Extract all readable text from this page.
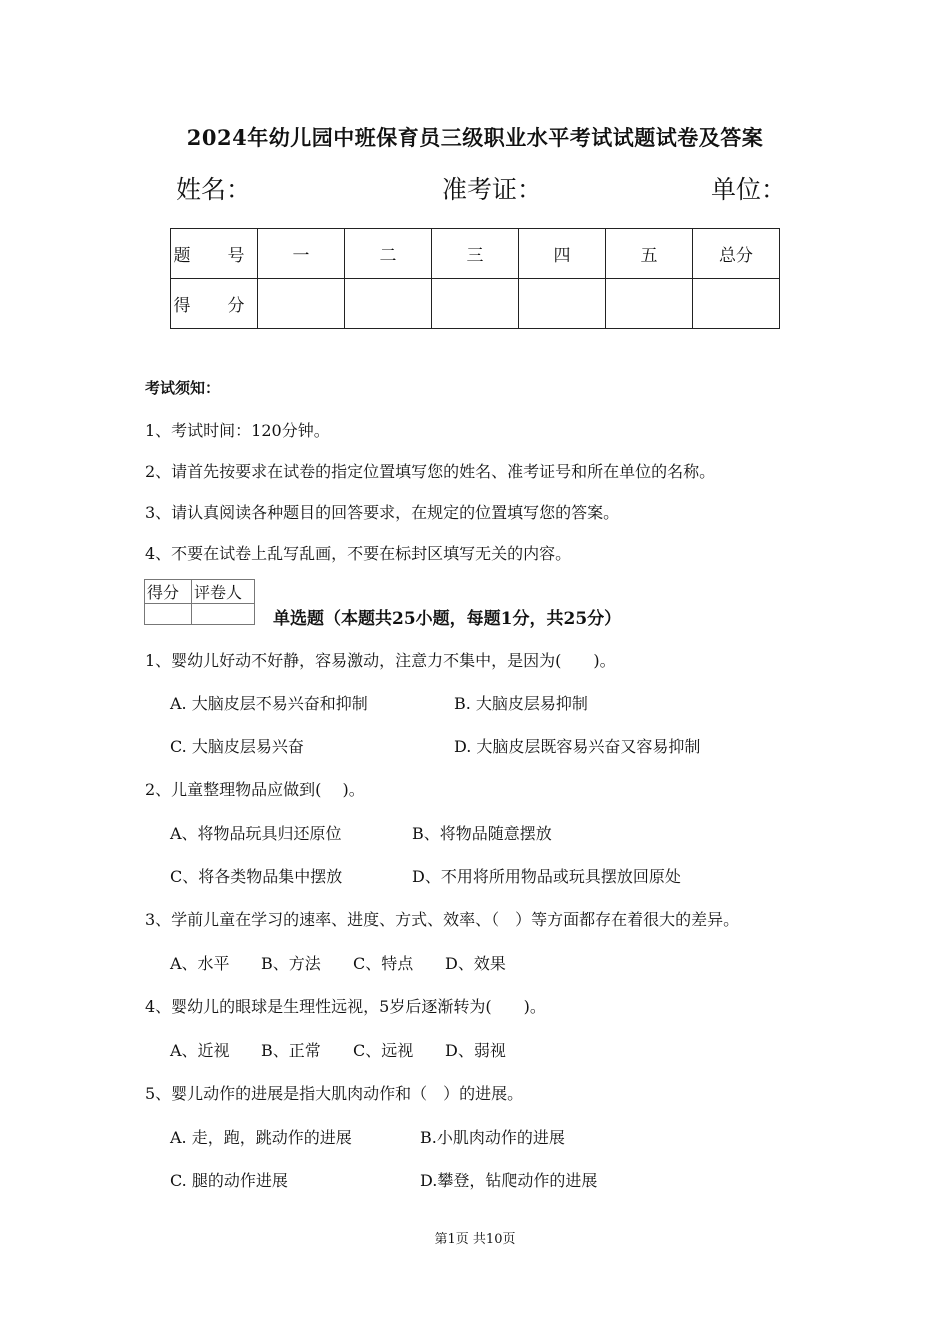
2024年幼儿园中班保育员三级职业水平考试试题试卷及答案
姓名：	准考证：	单位：
题　号	一	二	三	四	五	总分
得　分						
考试须知：
1、考试时间：120分钟。
2、请首先按要求在试卷的指定位置填写您的姓名、准考证号和所在单位的名称。
3、请认真阅读各种题目的回答要求，在规定的位置填写您的答案。
4、不要在试卷上乱写乱画，不要在标封区填写无关的内容。
得分	评卷人

单选题（本题共25小题，每题1分，共25分）
1、婴幼儿好动不好静，容易激动，注意力不集中，是因为(　　)。
A. 大脑皮层不易兴奋和抑制	B. 大脑皮层易抑制
C. 大脑皮层易兴奋	D. 大脑皮层既容易兴奋又容易抑制
2、儿童整理物品应做到(　 )。
A、将物品玩具归还原位	B、将物品随意摆放
C、将各类物品集中摆放	D、不用将所用物品或玩具摆放回原处
3、学前儿童在学习的速率、进度、方式、效率、（　）等方面都存在着很大的差异。
A、水平 B、方法 C、特点 D、效果
4、婴幼儿的眼球是生理性远视，5岁后逐渐转为(　　)。
A、近视 B、正常 C、远视 D、弱视
5、婴儿动作的进展是指大肌肉动作和（　）的进展。
A. 走，跑，跳动作的进展	B.小肌肉动作的进展
C. 腿的动作进展	D.攀登，钻爬动作的进展
第1页 共10页
